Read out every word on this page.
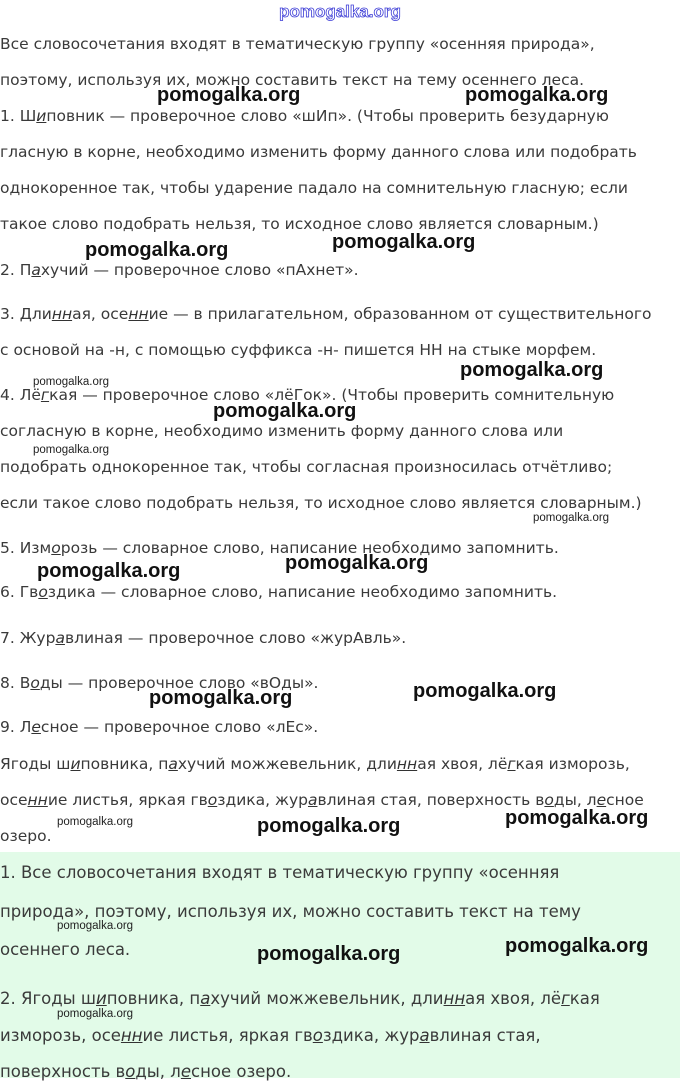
pomogalka.org
Все словосочетания входят в тематическую группу «осенняя природа»,
поэтому, используя их, можно составить текст на тему осеннего леса.
1. Шиповник — проверочное слово «шИп». (Чтобы проверить безударную
гласную в корне, необходимо изменить форму данного слова или подобрать
однокоренное так, чтобы ударение падало на сомнительную гласную; если
такое слово подобрать нельзя, то исходное слово является словарным.)
2. Пахучий — проверочное слово «пАхнет».
3. Длинная, осенние — в прилагательном, образованном от существительного
с основой на -н, с помощью суффикса -н- пишется НН на стыке морфем.
4. Лёгкая — проверочное слово «лёГок». (Чтобы проверить сомнительную
согласную в корне, необходимо изменить форму данного слова или
подобрать однокоренное так, чтобы согласная произносилась отчётливо;
если такое слово подобрать нельзя, то исходное слово является словарным.)
5. Изморозь — словарное слово, написание необходимо запомнить.
6. Гвоздика — словарное слово, написание необходимо запомнить.
7. Журавлиная — проверочное слово «журАвль».
8. Воды — проверочное слово «вОды».
9. Лесное — проверочное слово «лЕс».
Ягоды шиповника, пахучий можжевельник, длинная хвоя, лёгкая изморозь,
осенние листья, яркая гвоздика, журавлиная стая, поверхность воды, лесное
озеро.
1. Все словосочетания входят в тематическую группу «осенняя
природа», поэтому, используя их, можно составить текст на тему
осеннего леса.
2. Ягоды шиповника, пахучий можжевельник, длинная хвоя, лёгкая
изморозь, осенние листья, яркая гвоздика, журавлиная стая,
поверхность воды, лесное озеро.
pomogalka.org	pomogalka.org
pomogalka.org	pomogalka.org
pomogalka.org
pomogalka.org
pomogalka.org	pomogalka.org
pomogalka.org	pomogalka.org
pomogalka.org	pomogalka.org
pomogalka.org	pomogalka.org
pomogalka.org
pomogalka.org
pomogalka.org
pomogalka.org
pomogalka.org
pomogalka.org
